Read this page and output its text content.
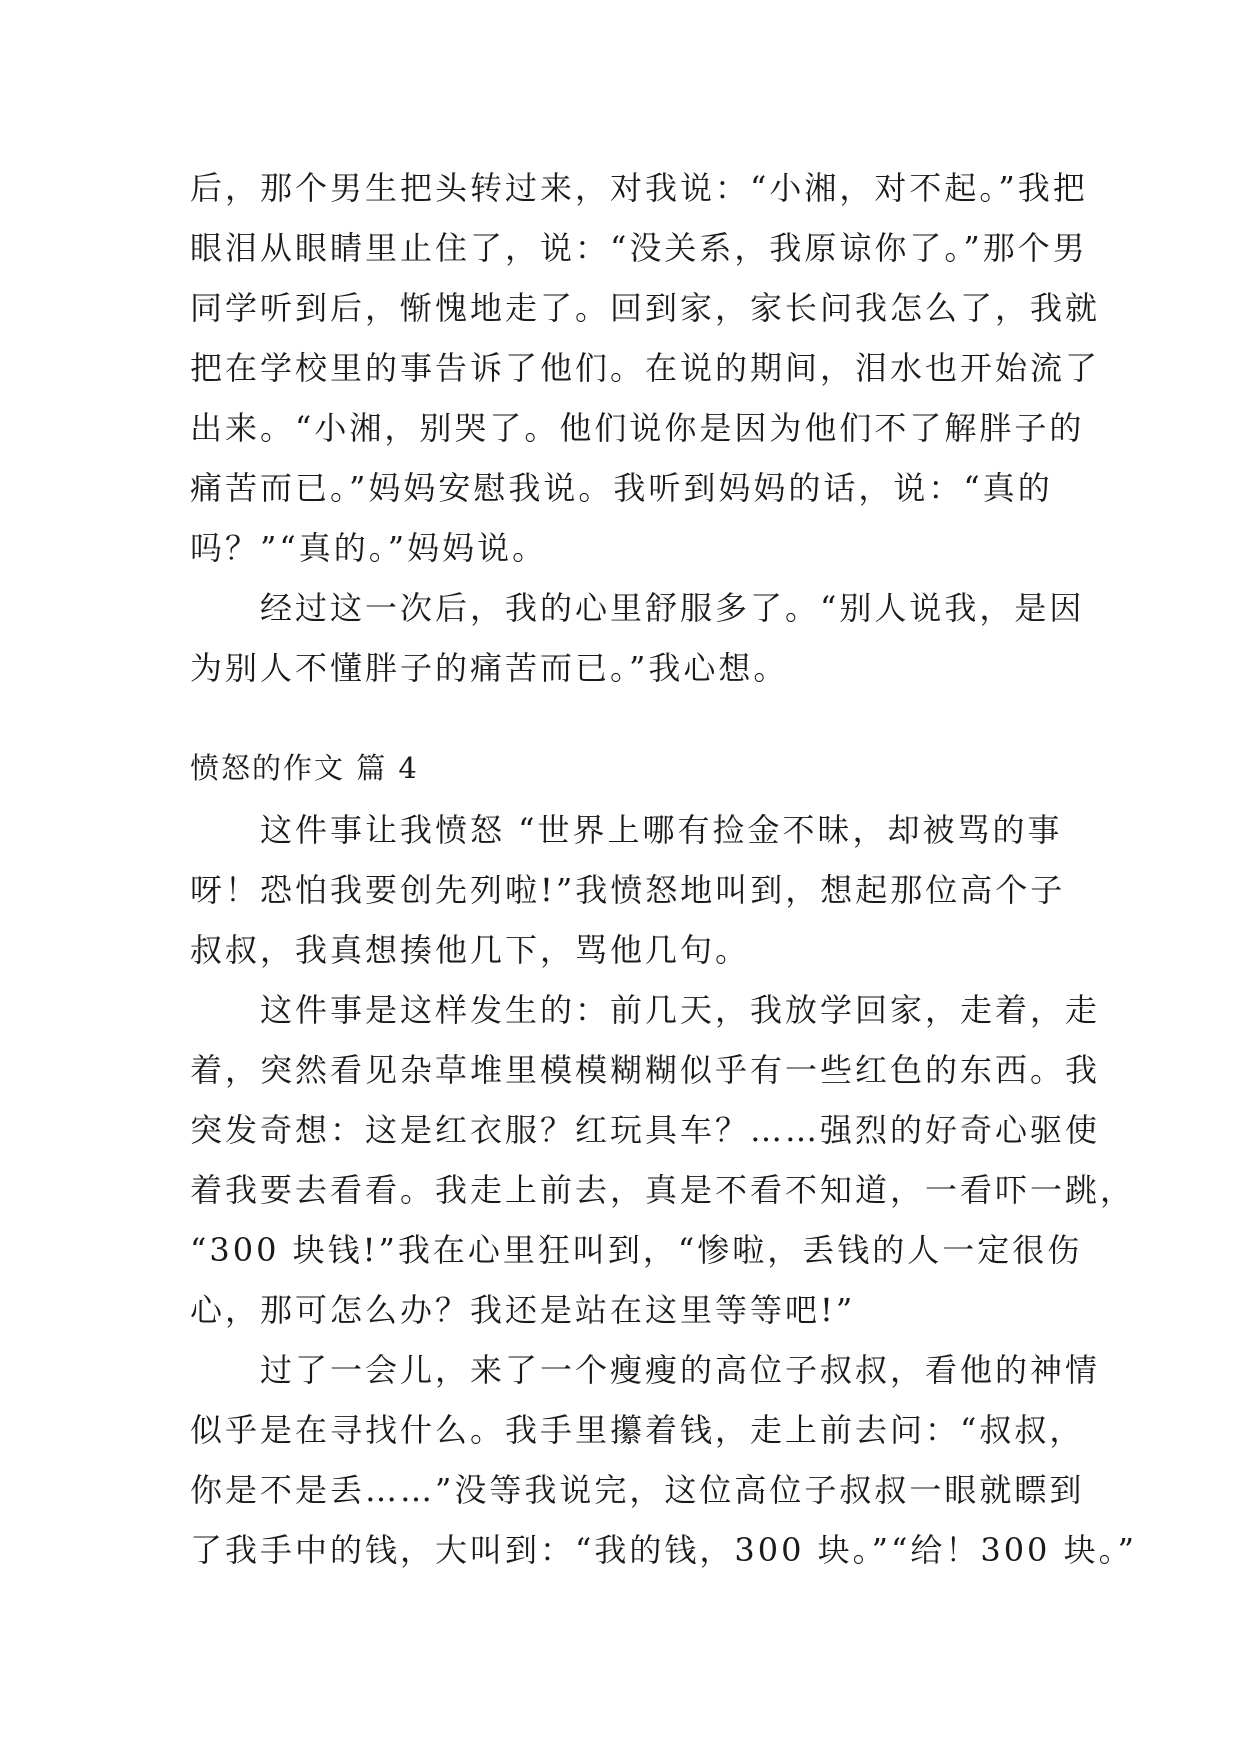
后，那个男生把头转过来，对我说：“小湘，对不起。”我把
眼泪从眼睛里止住了，说：“没关系，我原谅你了。”那个男
同学听到后，惭愧地走了。回到家，家长问我怎么了，我就
把在学校里的事告诉了他们。在说的期间，泪水也开始流了
出来。“小湘，别哭了。他们说你是因为他们不了解胖子的
痛苦而已。”妈妈安慰我说。我听到妈妈的话，说：“真的
吗？”“真的。”妈妈说。
　　经过这一次后，我的心里舒服多了。“别人说我，是因
为别人不懂胖子的痛苦而已。”我心想。
愤怒的作文 篇 4
　　这件事让我愤怒 “世界上哪有捡金不昧，却被骂的事
呀！恐怕我要创先列啦!”我愤怒地叫到，想起那位高个子
叔叔，我真想揍他几下，骂他几句。
　　这件事是这样发生的：前几天，我放学回家，走着，走
着，突然看见杂草堆里模模糊糊似乎有一些红色的东西。我
突发奇想：这是红衣服？红玩具车？……强烈的好奇心驱使
着我要去看看。我走上前去，真是不看不知道，一看吓一跳，
“300 块钱!”我在心里狂叫到，“惨啦，丢钱的人一定很伤
心，那可怎么办？我还是站在这里等等吧!”
　　过了一会儿，来了一个瘦瘦的高位子叔叔，看他的神情
似乎是在寻找什么。我手里攥着钱，走上前去问：“叔叔，
你是不是丢……”没等我说完，这位高位子叔叔一眼就瞟到
了我手中的钱，大叫到：“我的钱，300 块。”“给！300 块。”
